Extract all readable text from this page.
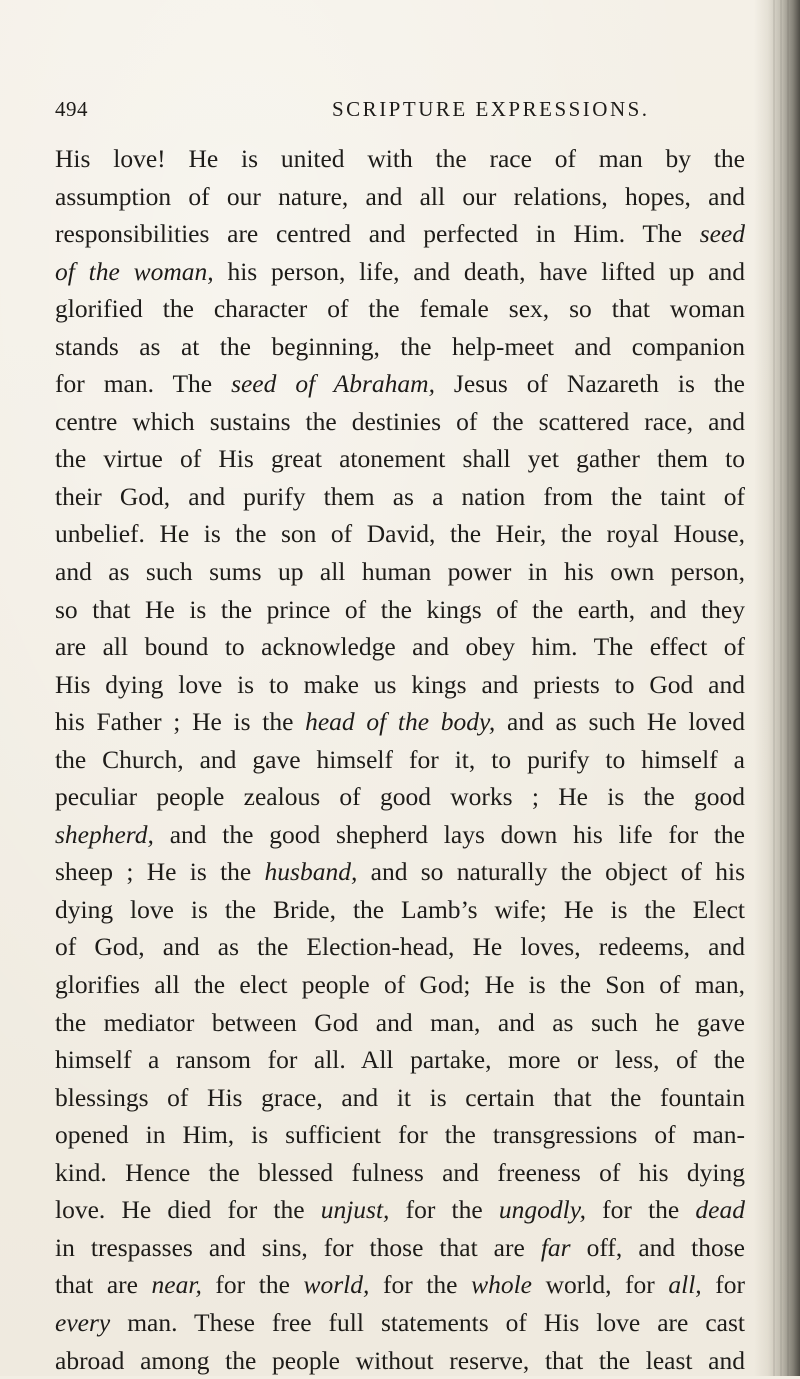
494	SCRIPTURE EXPRESSIONS.
His love! He is united with the race of man by the
assumption of our nature, and all our relations, hopes, and
responsibilities are centred and perfected in Him. The seed
of the woman, his person, life, and death, have lifted up and
glorified the character of the female sex, so that woman
stands as at the beginning, the help-meet and companion
for man. The seed of Abraham, Jesus of Nazareth is the
centre which sustains the destinies of the scattered race, and
the virtue of His great atonement shall yet gather them to
their God, and purify them as a nation from the taint of
unbelief. He is the son of David, the Heir, the royal House,
and as such sums up all human power in his own person,
so that He is the prince of the kings of the earth, and they
are all bound to acknowledge and obey him. The effect of
His dying love is to make us kings and priests to God and
his Father ; He is the head of the body, and as such He loved
the Church, and gave himself for it, to purify to himself a
peculiar people zealous of good works ; He is the good
shepherd, and the good shepherd lays down his life for the
sheep ; He is the husband, and so naturally the object of his
dying love is the Bride, the Lamb’s wife; He is the Elect
of God, and as the Election-head, He loves, redeems, and
glorifies all the elect people of God; He is the Son of man,
the mediator between God and man, and as such he gave
himself a ransom for all. All partake, more or less, of the
blessings of His grace, and it is certain that the fountain
opened in Him, is sufficient for the transgressions of man-
kind. Hence the blessed fulness and freeness of his dying
love. He died for the unjust, for the ungodly, for the dead
in trespasses and sins, for those that are far off, and those
that are near, for the world, for the whole world, for all, for
every man. These free full statements of His love are cast
abroad among the people without reserve, that the least and
